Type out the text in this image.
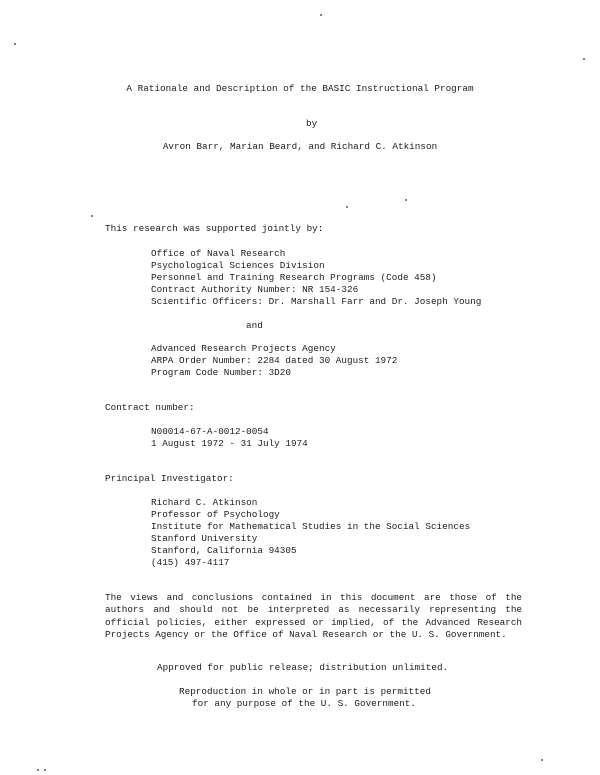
A Rationale and Description of the BASIC Instructional Program
by
Avron Barr, Marian Beard, and Richard C. Atkinson
This research was supported jointly by:
Office of Naval Research
Psychological Sciences Division
Personnel and Training Research Programs (Code 458)
Contract Authority Number: NR 154-326
Scientific Officers: Dr. Marshall Farr and Dr. Joseph Young
and
Advanced Research Projects Agency
ARPA Order Number: 2284 dated 30 August 1972
Program Code Number: 3D20
Contract number:
N00014-67-A-0012-0054
1 August 1972 - 31 July 1974
Principal Investigator:
Richard C. Atkinson
Professor of Psychology
Institute for Mathematical Studies in the Social Sciences
Stanford University
Stanford, California 94305
(415) 497-4117
The views and conclusions contained in this document are those of the authors and should not be interpreted as necessarily representing the official policies, either expressed or implied, of the Advanced Research Projects Agency or the Office of Naval Research or the U. S. Government.
Approved for public release; distribution unlimited.
Reproduction in whole or in part is permitted
for any purpose of the U. S. Government.
